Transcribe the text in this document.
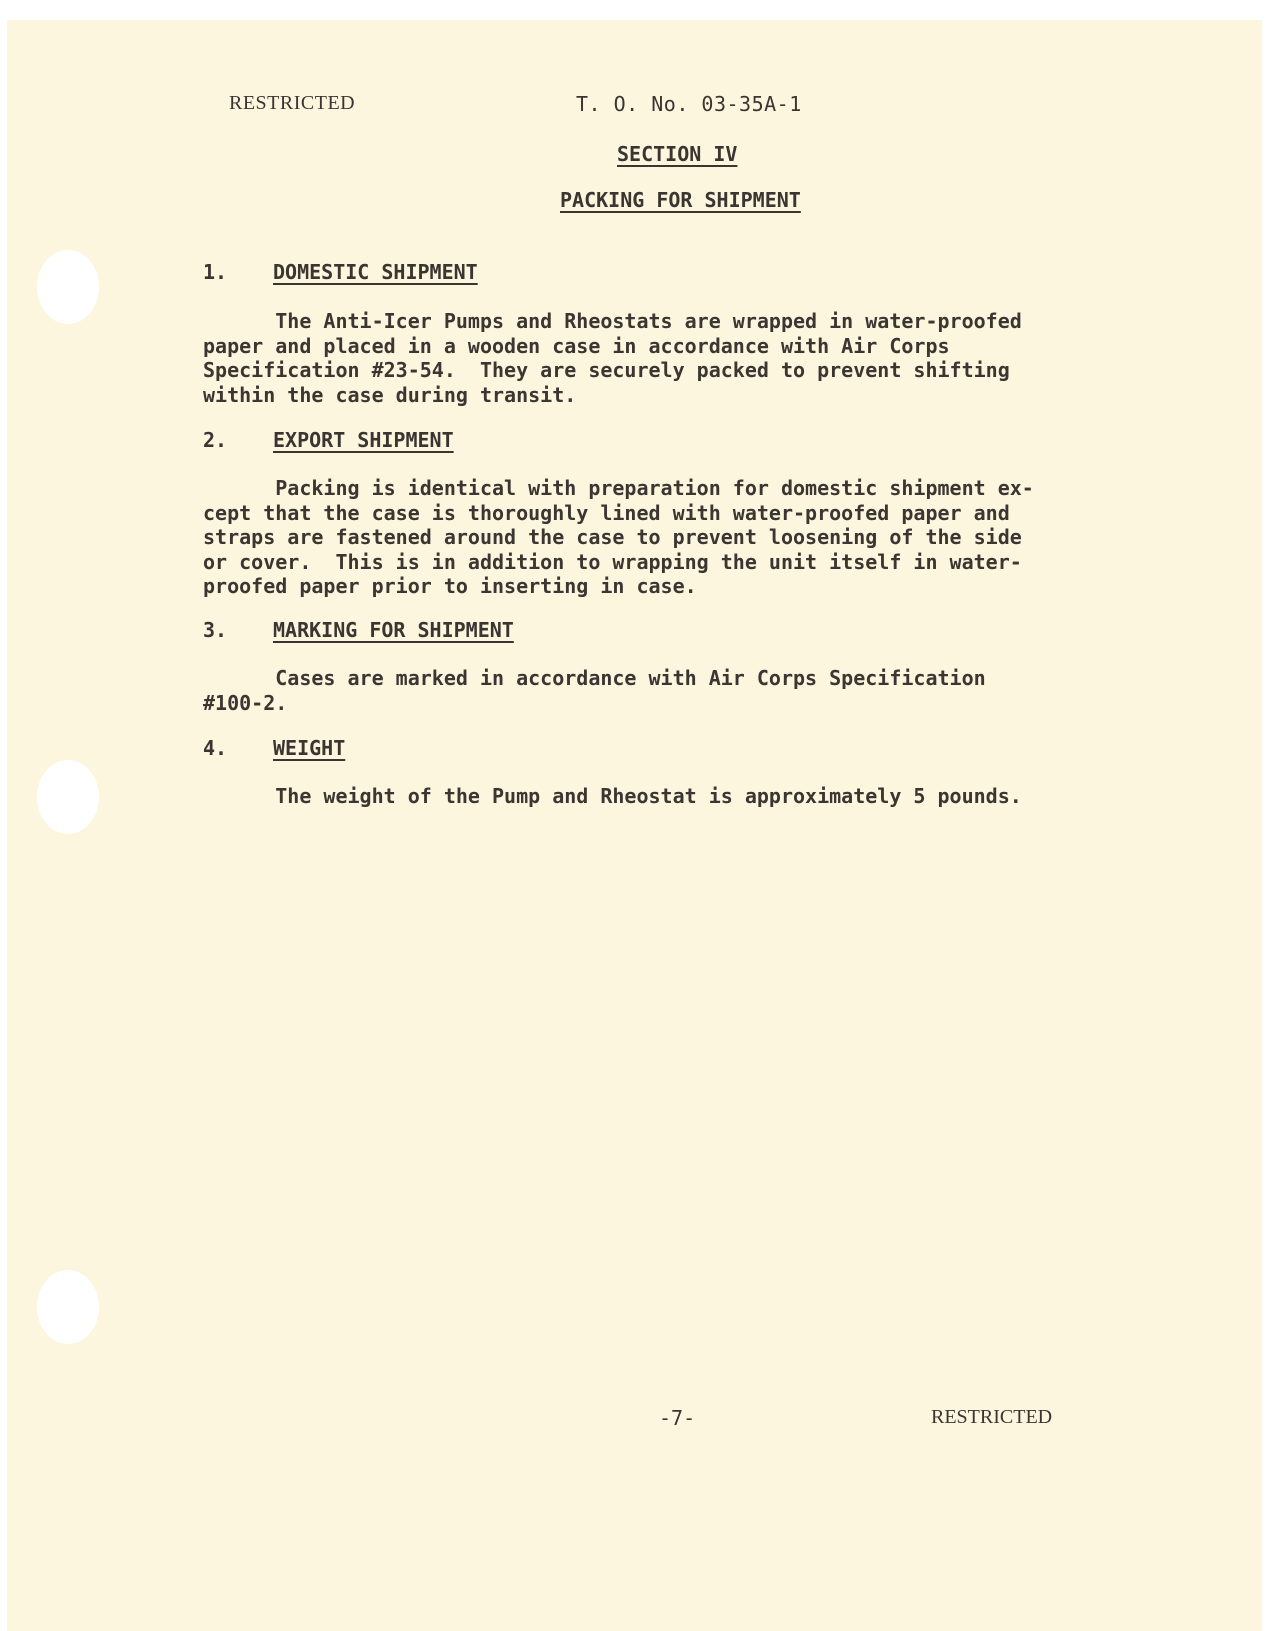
RESTRICTED	T. O. No. 03-35A-1
SECTION IV
PACKING FOR SHIPMENT
1. DOMESTIC SHIPMENT
The Anti-Icer Pumps and Rheostats are wrapped in water-proofed
paper and placed in a wooden case in accordance with Air Corps
Specification #23-54.  They are securely packed to prevent shifting
within the case during transit.
2. EXPORT SHIPMENT
Packing is identical with preparation for domestic shipment ex-
cept that the case is thoroughly lined with water-proofed paper and
straps are fastened around the case to prevent loosening of the side
or cover.  This is in addition to wrapping the unit itself in water-
proofed paper prior to inserting in case.
3. MARKING FOR SHIPMENT
Cases are marked in accordance with Air Corps Specification
#100-2.
4. WEIGHT
The weight of the Pump and Rheostat is approximately 5 pounds.
-7-	RESTRICTED
